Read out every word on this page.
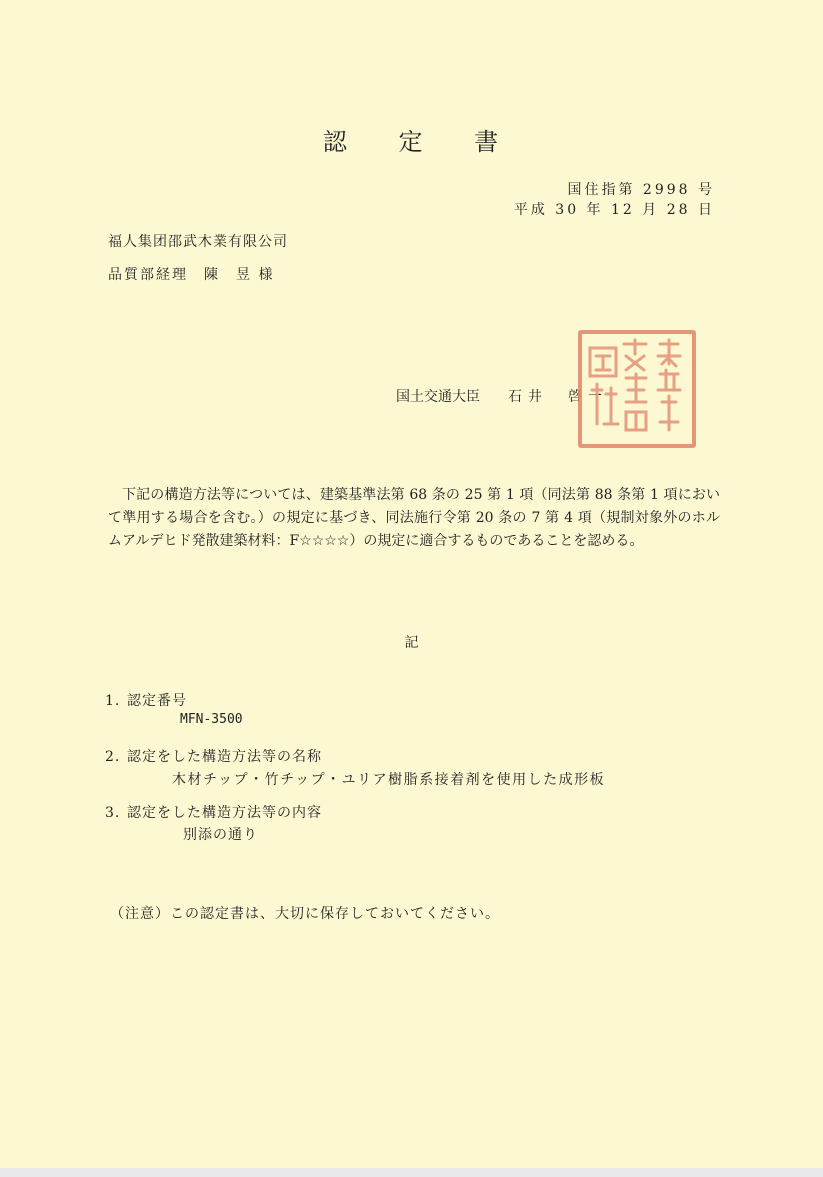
認 定 書
国住指第 2998 号
平成 30 年 12 月 28 日
福人集团邵武木業有限公司
品質部経理　陳　昱 様
国土交通大臣 石井　啓一
下記の構造方法等については、建築基準法第 68 条の 25 第 1 項（同法第 88 条第 1 項において準用する場合を含む。）の規定に基づき、同法施行令第 20 条の 7 第 4 項（規制対象外のホルムアルデヒド発散建築材料：F☆☆☆☆）の規定に適合するものであることを認める。
記
1. 認定番号
MFN-3500
2. 認定をした構造方法等の名称
木材チップ・竹チップ・ユリア樹脂系接着剤を使用した成形板
3. 認定をした構造方法等の内容
別添の通り
（注意）この認定書は、大切に保存しておいてください。
